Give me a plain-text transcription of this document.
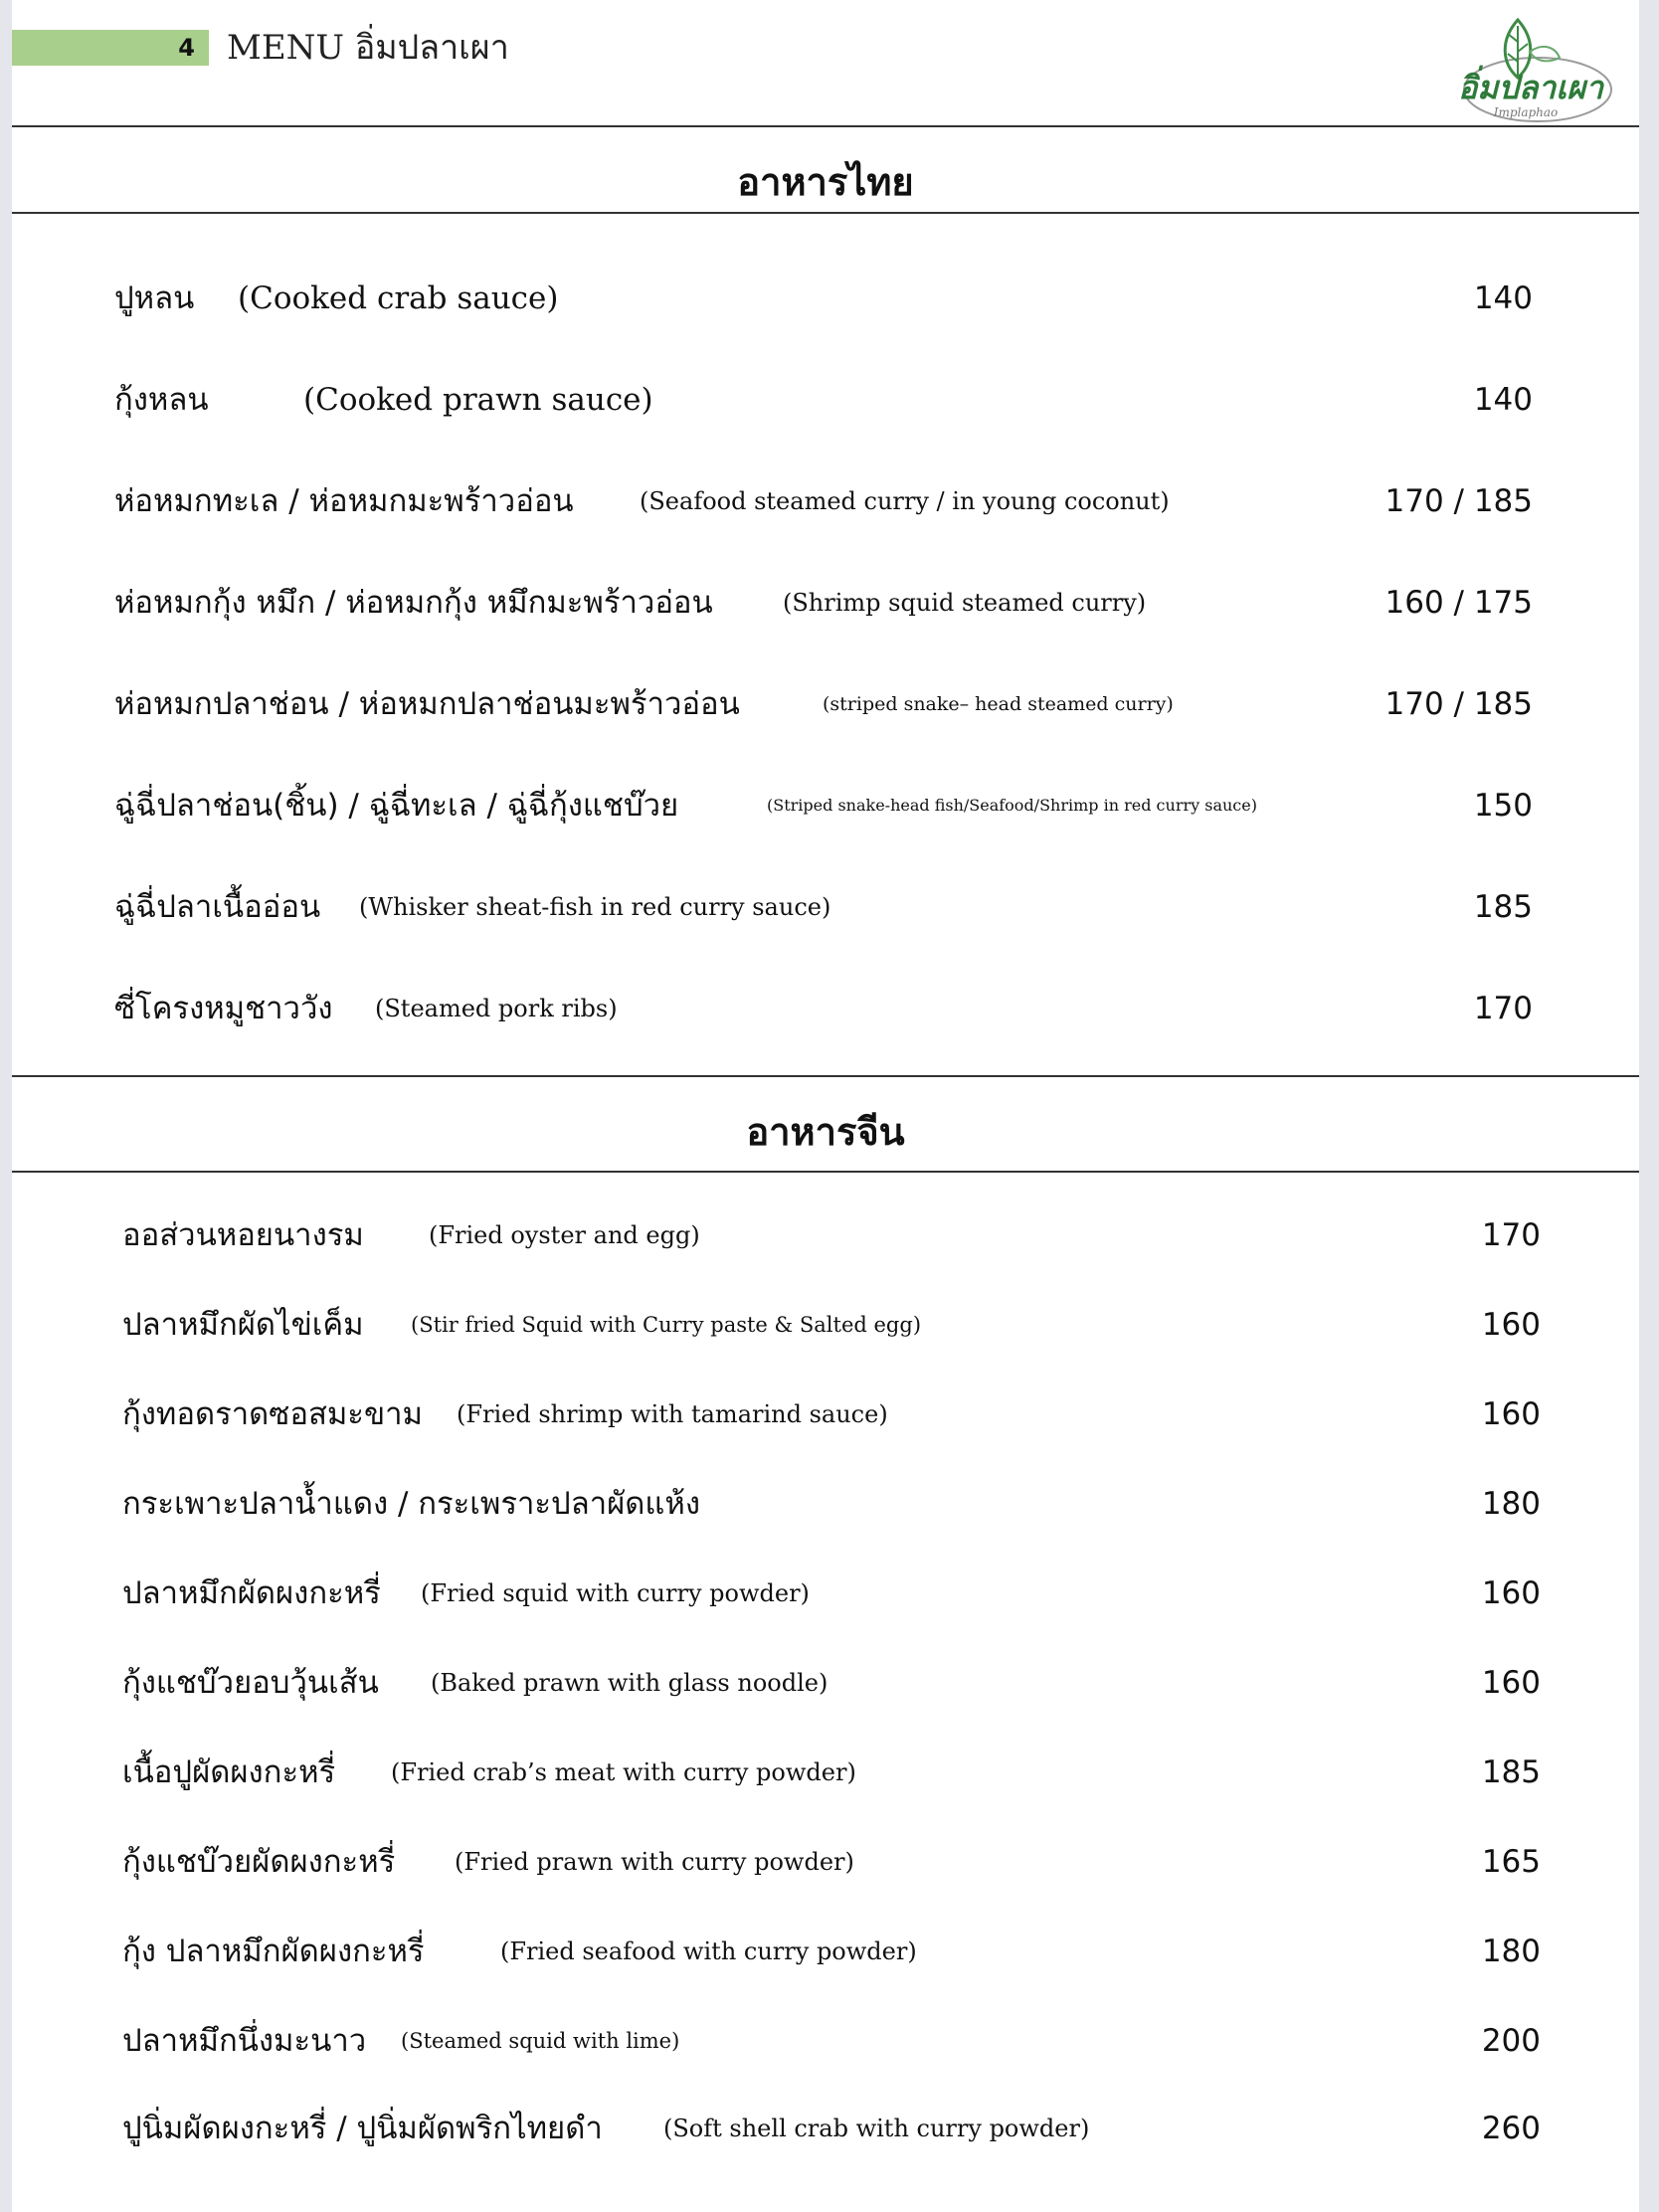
4 MENU อิ่มปลาเผา
อิ่มปลาเผา
Implaphao
อาหารไทย
ปูหลน (Cooked crab sauce)	140
กุ้งหลน	(Cooked prawn sauce)	140
ห่อหมกทะเล / ห่อหมกมะพร้าวอ่อน	(Seafood steamed curry / in young coconut)	170 / 185
ห่อหมกกุ้ง หมึก / ห่อหมกกุ้ง หมึกมะพร้าวอ่อน	(Shrimp squid steamed curry)	160 / 175
ห่อหมกปลาช่อน / ห่อหมกปลาช่อนมะพร้าวอ่อน	(striped snake– head steamed curry)	170 / 185
ฉู่ฉี่ปลาช่อน(ชิ้น) / ฉู่ฉี่ทะเล / ฉู่ฉี่กุ้งแชบ๊วย	(Striped snake-head fish/Seafood/Shrimp in red curry sauce)	150
ฉู่ฉี่ปลาเนื้ออ่อน (Whisker sheat-fish in red curry sauce)	185
ซี่โครงหมูชาววัง (Steamed pork ribs)	170
อาหารจีน
ออส่วนหอยนางรม	(Fried oyster and egg)	170
ปลาหมึกผัดไข่เค็ม (Stir fried Squid with Curry paste & Salted egg)	160
กุ้งทอดราดซอสมะขาม (Fried shrimp with tamarind sauce)	160
กระเพาะปลาน้ำแดง / กระเพราะปลาผัดแห้ง	180
ปลาหมึกผัดผงกะหรี่ (Fried squid with curry powder)	160
กุ้งแชบ๊วยอบวุ้นเส้น (Baked prawn with glass noodle)	160
เนื้อปูผัดผงกะหรี่ (Fried crab’s meat with curry powder)	185
กุ้งแชบ๊วยผัดผงกะหรี่ (Fried prawn with curry powder)	165
กุ้ง ปลาหมึกผัดผงกะหรี่	(Fried seafood with curry powder)	180
ปลาหมึกนึ่งมะนาว (Steamed squid with lime)	200
ปูนิ่มผัดผงกะหรี่ / ปูนิ่มผัดพริกไทยดำ	(Soft shell crab with curry powder)	260
